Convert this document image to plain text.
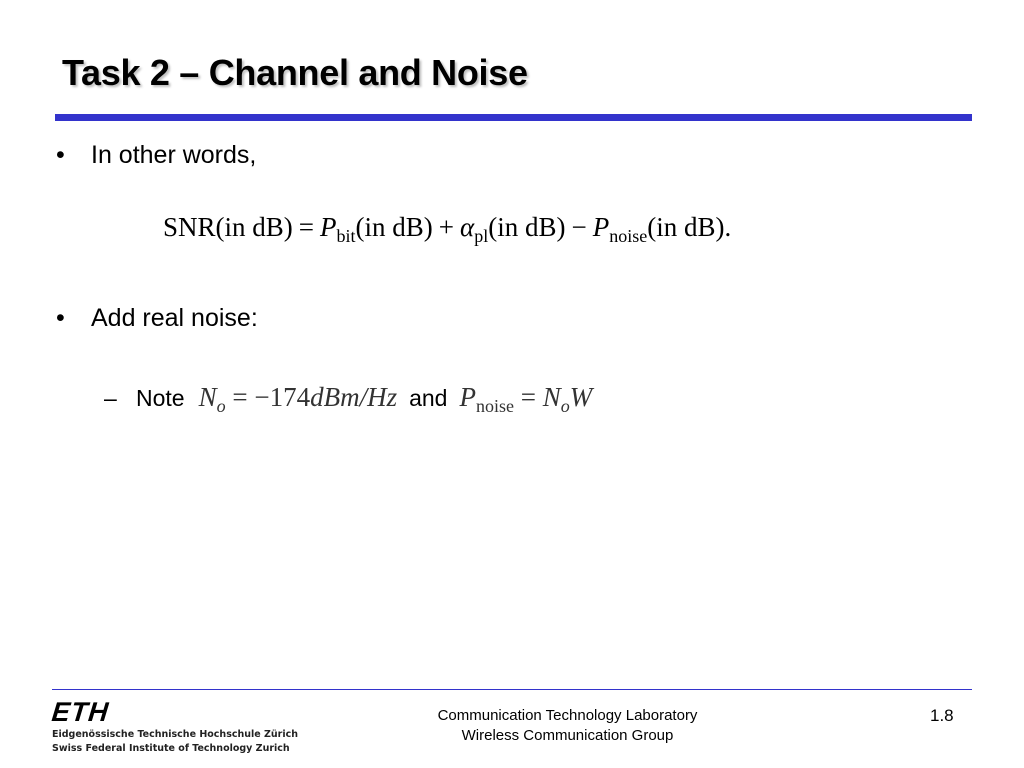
Task 2 – Channel and Noise
• In other words,
SNR(in $dB) = P_{bit}(in$ $dB) + \alpha_{pl}(in$ $dB) - P_{noise}(in$ dB).
• Add real noise:
– Note $N_o = -174dBm/Hz$ and $P_{noise} = N_oW$
ETH
Eidgenössische Technische Hochschule Zürich
Swiss Federal Institute of Technology Zurich
Communication Technology Laboratory
Wireless Communication Group
1.8
